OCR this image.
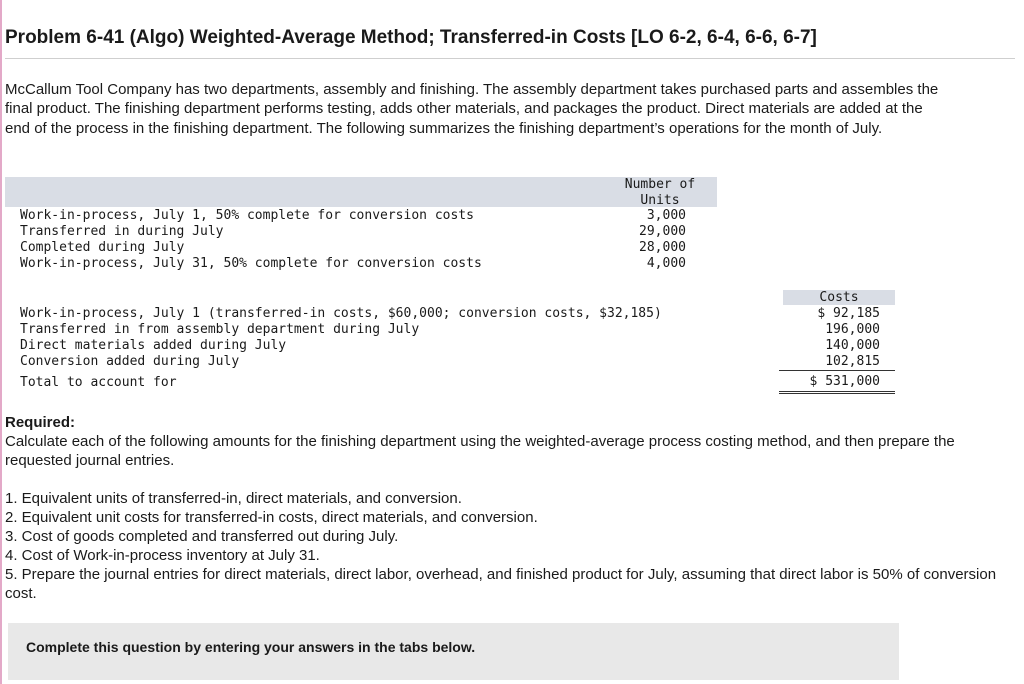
Problem 6-41 (Algo) Weighted-Average Method; Transferred-in Costs [LO 6-2, 6-4, 6-6, 6-7]

McCallum Tool Company has two departments, assembly and finishing. The assembly department takes purchased parts and assembles the final product. The finishing department performs testing, adds other materials, and packages the product. Direct materials are added at the end of the process in the finishing department. The following summarizes the finishing department’s operations for the month of July.

Number of
Units
Work-in-process, July 1, 50% complete for conversion costs	3,000
Transferred in during July	29,000
Completed during July	28,000
Work-in-process, July 31, 50% complete for conversion costs	4,000
Costs
Work-in-process, July 1 (transferred-in costs, $60,000; conversion costs, $32,185)	$ 92,185
Transferred in from assembly department during July	196,000
Direct materials added during July	140,000
Conversion added during July	102,815
Total to account for	$ 531,000
Required:

Calculate each of the following amounts for the finishing department using the weighted-average process costing method, and then prepare the requested journal entries.

1. Equivalent units of transferred-in, direct materials, and conversion.
2. Equivalent unit costs for transferred-in costs, direct materials, and conversion.
3. Cost of goods completed and transferred out during July.
4. Cost of Work-in-process inventory at July 31.
5. Prepare the journal entries for direct materials, direct labor, overhead, and finished product for July, assuming that direct labor is 50% of conversion cost.
Complete this question by entering your answers in the tabs below.
